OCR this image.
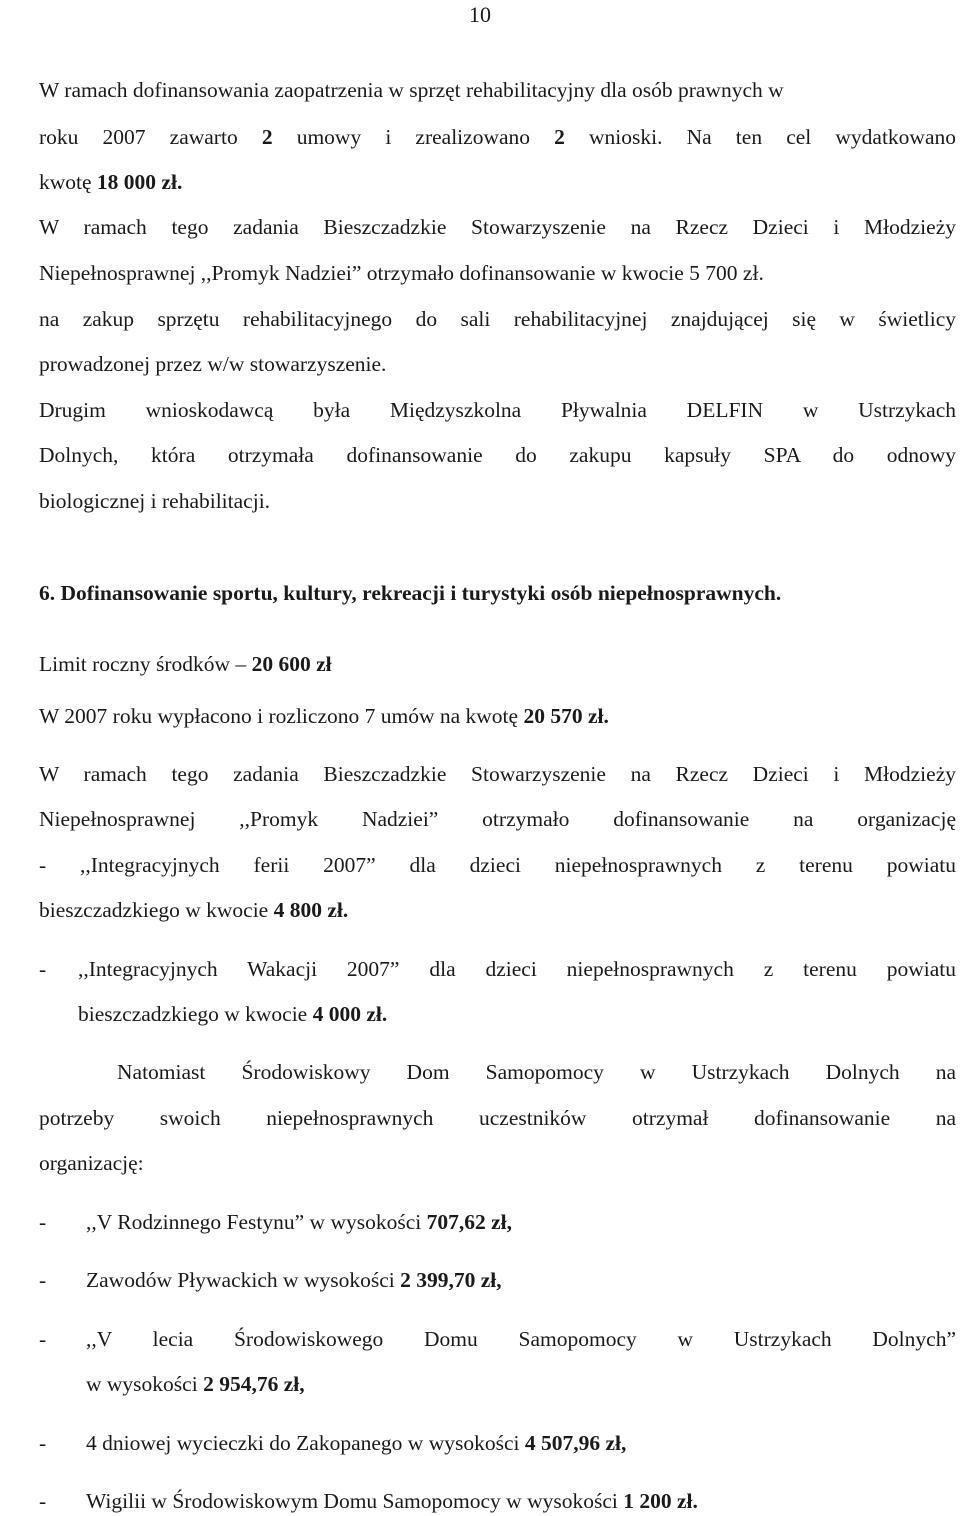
10
W ramach dofinansowania zaopatrzenia w sprzęt rehabilitacyjny dla osób prawnych w
roku 2007 zawarto 2 umowy i zrealizowano 2 wnioski. Na ten cel wydatkowano
kwotę 18 000 zł.
W ramach tego zadania Bieszczadzkie Stowarzyszenie na Rzecz Dzieci i Młodzieży
Niepełnosprawnej ,,Promyk Nadziei” otrzymało dofinansowanie w kwocie 5 700 zł.
na zakup sprzętu rehabilitacyjnego do sali rehabilitacyjnej znajdującej się w świetlicy
prowadzonej przez w/w stowarzyszenie.
Drugim wnioskodawcą była Międzyszkolna Pływalnia DELFIN w Ustrzykach
Dolnych, która otrzymała dofinansowanie do zakupu kapsuły SPA do odnowy
biologicznej i rehabilitacji.
6. Dofinansowanie sportu, kultury, rekreacji i turystyki osób niepełnosprawnych.
Limit roczny środków – 20 600 zł
W 2007 roku wypłacono i rozliczono 7 umów na kwotę 20 570 zł.
W ramach tego zadania Bieszczadzkie Stowarzyszenie na Rzecz Dzieci i Młodzieży
Niepełnosprawnej ,,Promyk Nadziei” otrzymało dofinansowanie na organizację
- ,,Integracyjnych ferii 2007” dla dzieci niepełnosprawnych z terenu powiatu
bieszczadzkiego w kwocie 4 800 zł.
- ,,Integracyjnych Wakacji 2007” dla dzieci niepełnosprawnych z terenu powiatu
bieszczadzkiego w kwocie 4 000 zł.
Natomiast Środowiskowy Dom Samopomocy w Ustrzykach Dolnych na
potrzeby swoich niepełnosprawnych uczestników otrzymał dofinansowanie na
organizację:
- ,,V Rodzinnego Festynu” w wysokości 707,62 zł,
- Zawodów Pływackich w wysokości 2 399,70 zł,
- ,,V lecia Środowiskowego Domu Samopomocy w Ustrzykach Dolnych”
w wysokości 2 954,76 zł,
- 4 dniowej wycieczki do Zakopanego w wysokości 4 507,96 zł,
- Wigilii w Środowiskowym Domu Samopomocy w wysokości 1 200 zł.
